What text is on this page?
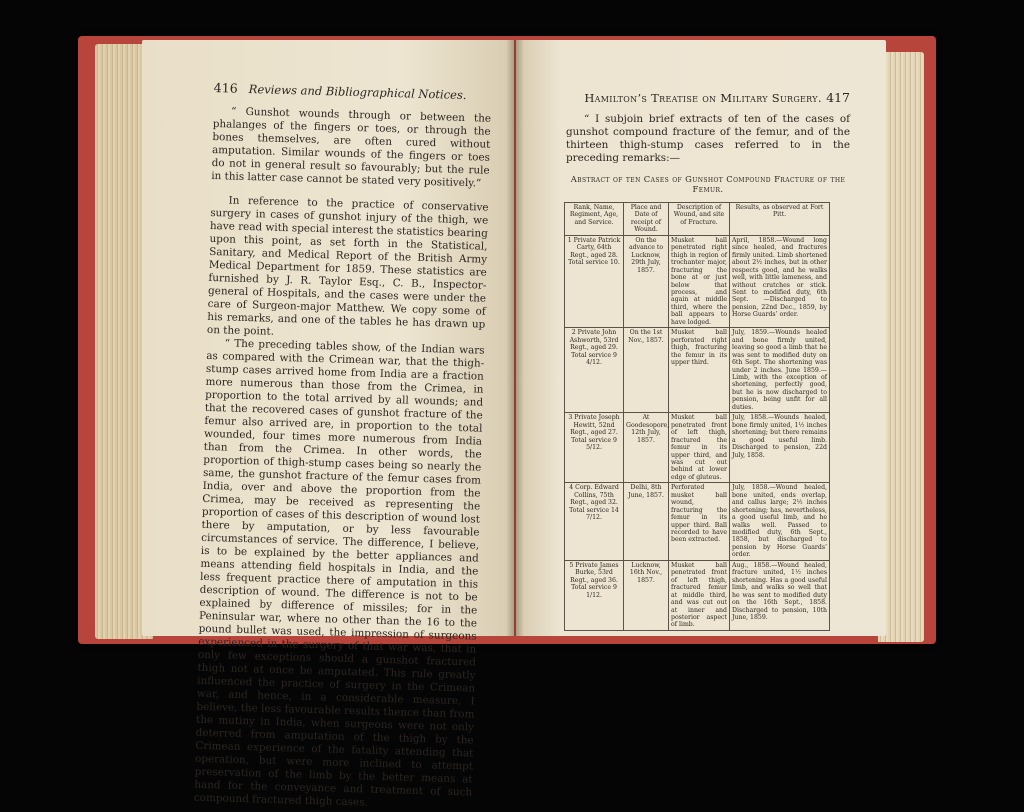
416 Reviews and Bibliographical Notices.

“ Gunshot wounds through or between the phalanges of the fingers or toes, or through the bones themselves, are often cured without amputation. Similar wounds of the fingers or toes do not in general result so favourably; but the rule in this latter case cannot be stated very positively.”

In reference to the practice of conservative surgery in cases of gunshot injury of the thigh, we have read with special interest the statistics bearing upon this point, as set forth in the Statistical, Sanitary, and Medical Report of the British Army Medical Department for 1859. These statistics are furnished by J. R. Taylor Esq., C. B., Inspector-general of Hospitals, and the cases were under the care of Surgeon-major Matthew. We copy some of his remarks, and one of the tables he has drawn up on the point.

“ The preceding tables show, of the Indian wars as compared with the Crimean war, that the thigh-stump cases arrived home from India are a fraction more numerous than those from the Crimea, in proportion to the total arrived by all wounds; and that the recovered cases of gunshot fracture of the femur also arrived are, in proportion to the total wounded, four times more numerous from India than from the Crimea. In other words, the proportion of thigh-stump cases being so nearly the same, the gunshot fracture of the femur cases from India, over and above the proportion from the Crimea, may be received as representing the proportion of cases of this description of wound lost there by amputation, or by less favourable circumstances of service. The difference, I believe, is to be explained by the better appliances and means attending field hospitals in India, and the less frequent practice there of amputation in this description of wound. The difference is not to be explained by difference of missiles; for in the Peninsular war, where no other than the 16 to the pound bullet was used, the impression of surgeons experienced in the surgery of that war was, that in only few exceptions should a gunshot fractured thigh not at once be amputated. This rule greatly influenced the practice of surgery in the Crimean war, and hence, in a considerable measure, I believe, the less favourable results thence than from the mutiny in India, when surgeons were not only deterred from amputation of the thigh by the Crimean experience of the fatality attending that operation, but were more inclined to attempt preservation of the limb by the better means at hand for the conveyance and treatment of such compound fractured thigh cases.

Hamilton’s Treatise on Military Surgery. 417

“ I subjoin brief extracts of ten of the cases of gunshot compound fracture of the femur, and of the thirteen thigh-stump cases referred to in the preceding remarks:—

Abstract of ten Cases of Gunshot Compound Fracture of the Femur.
Rank, Name, Regiment, Age, and Service.	Place and Date of receipt of Wound.	Description of Wound, and site of Fracture.	Results, as observed at Fort Pitt.
1 Private Patrick Carty, 64th Regt., aged 28. Total service 10.	On the advance to Lucknow, 29th July, 1857.	Musket ball penetrated right thigh in region of trochanter major, fracturing the bone at or just below that process, and again at middle third, where the ball appears to have lodged.	April, 1858.—Wound long since healed, and fractures firmly united. Limb shortened about 2½ inches, but in other respects good, and he walks well, with little lameness, and without crutches or stick. Sent to modified duty, 6th Sept. —Discharged to pension, 22nd Dec., 1859, by Horse Guards’ order.
2 Private John Ashworth, 53rd Regt., aged 29. Total service 9 4/12.	On the 1st Nov., 1857.	Musket ball perforated right thigh, fracturing the femur in its upper third.	July, 1859.—Wounds healed and bone firmly united, leaving so good a limb that he was sent to modified duty on 6th Sept. The shortening was under 2 inches. June 1859.—Limb, with the exception of shortening, perfectly good, but he is now discharged to pension, being unfit for all duties.
3 Private Joseph Hewitt, 52nd Regt., aged 27. Total service 9 5/12.	At Goodesopore, 12th July, 1857.	Musket ball penetrated front of left thigh, fractured the femur in its upper third, and was cut out behind at lower edge of gluteus.	July, 1858.—Wounds healed, bone firmly united, 1½ inches shortening; but there remains a good useful limb. Discharged to pension, 22d July, 1858.
4 Corp. Edward Collins, 75th Regt., aged 32. Total service 14 7/12.	Delhi, 8th June, 1857.	Perforated musket ball wound, fracturing the femur in its upper third. Ball recorded to have been extracted.	July, 1858.—Wound healed, bone united, ends overlap, and callus large; 2½ inches shortening; has, nevertheless, a good useful limb, and he walks well. Passed to modified duty, 6th Sept., 1858, but discharged to pension by Horse Guards’ order.
5 Private James Burke, 53rd Regt., aged 36. Total service 9 1/12.	Lucknow, 16th Nov., 1857.	Musket ball penetrated front of left thigh, fractured femur at middle third, and was cut out at inner and posterior aspect of limb.	Aug., 1858.—Wound healed, fracture united, 1½ inches shortening. Has a good useful limb, and walks so well that he was sent to modified duty on the 16th Sept., 1858. Discharged to pension, 10th June, 1859.
